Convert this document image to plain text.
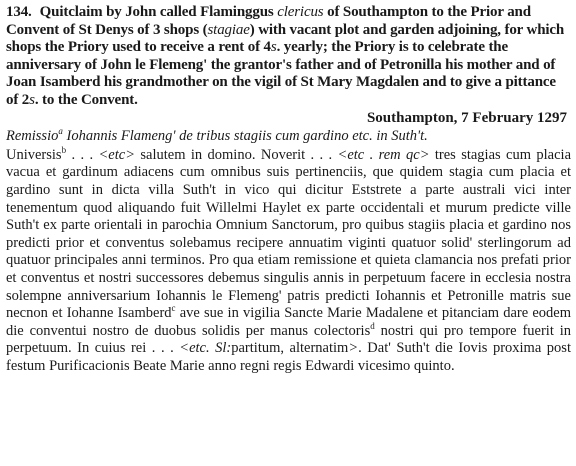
134. Quitclaim by John called Flaminggus clericus of Southampton to the Prior and Convent of St Denys of 3 shops (stagiae) with vacant plot and garden adjoining, for which shops the Priory used to receive a rent of 4s. yearly; the Priory is to celebrate the anniversary of John le Flemeng' the grantor's father and of Petronilla his mother and of Joan Isamberd his grandmother on the vigil of St Mary Magdalen and to give a pittance of 2s. to the Convent.
Southampton, 7 February 1297
Remissio$^a$ Iohannis Flameng' de tribus stagiis cum gardino etc. in Suth't.
Universis$^b$ . . . <etc> salutem in domino. Noverit . . . <etc . rem qc> tres stagias cum placia vacua et gardinum adiacens cum omnibus suis pertinenciis, que quidem stagia cum placia et gardino sunt in dicta villa Suth't in vico qui dicitur Eststrete a parte australi vici inter tenementum quod aliquando fuit Willelmi Haylet ex parte occidentali et murum predicte ville Suth't ex parte orientali in parochia Omnium Sanctorum, pro quibus stagiis placia et gardino nos predicti prior et conventus solebamus recipere annuatim viginti quatuor solid' sterlingorum ad quatuor principales anni terminos. Pro qua etiam remissione et quieta clamancia nos prefati prior et conventus et nostri successores debemus singulis annis in perpetuum facere in ecclesia nostra solempne anniversarium Iohannis le Flemeng' patris predicti Iohannis et Petronille matris sue necnon et Iohanne Isamberd$^c$ ave sue in vigilia Sancte Marie Madalene et pitanciam dare eodem die conventui nostro de duobus solidis per manus colectoris$^d$ nostri qui pro tempore fuerit in perpetuum. In cuius rei . . . <etc. Sl:partitum, alternatim>. Dat' Suth't die Iovis proxima post festum Purificacionis Beate Marie anno regni regis Edwardi vicesimo quinto.
